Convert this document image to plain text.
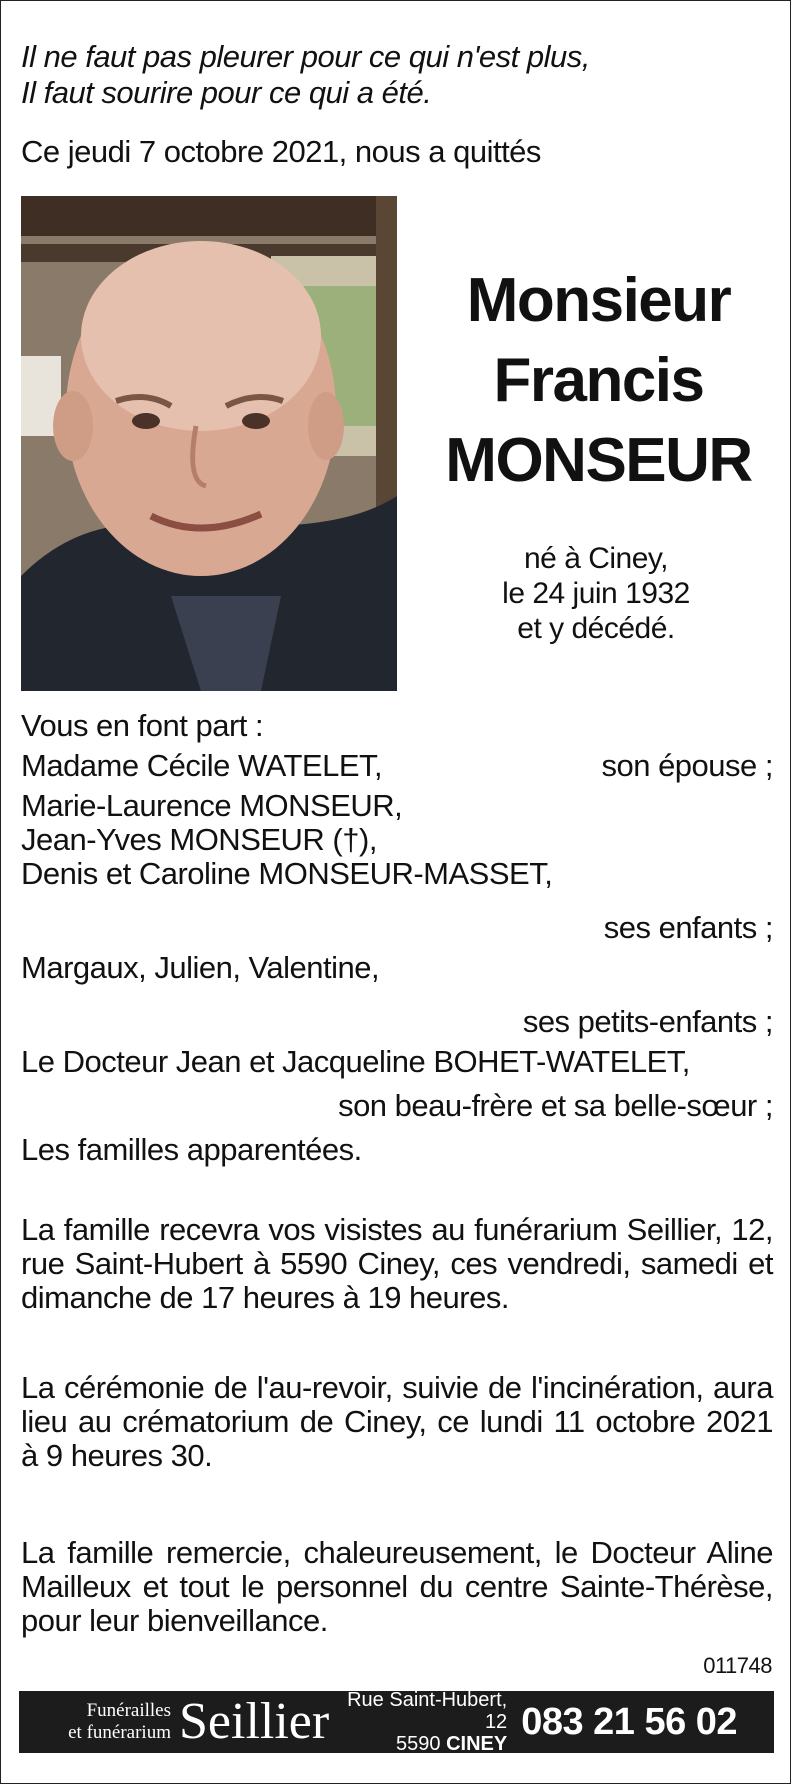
Il ne faut pas pleurer pour ce qui n'est plus,
Il faut sourire pour ce qui a été.
Ce jeudi 7 octobre 2021, nous a quittés
Monsieur
Francis
MONSEUR
né à Ciney,
le 24 juin 1932
et y décédé.
Vous en font part :
Madame Cécile WATELET,	son épouse ;
Marie-Laurence MONSEUR,
Jean-Yves MONSEUR (†),
Denis et Caroline MONSEUR-MASSET,
ses enfants ;
Margaux, Julien, Valentine,
ses petits-enfants ;
Le Docteur Jean et Jacqueline BOHET-WATELET,
son beau-frère et sa belle-sœur ;
Les familles apparentées.
La famille recevra vos visistes au funérarium Seillier, 12, rue Saint-Hubert à 5590 Ciney, ces vendredi, samedi et dimanche de 17 heures à 19 heures.
La cérémonie de l'au-revoir, suivie de l'incinération, aura lieu au crématorium de Ciney, ce lundi 11 octobre 2021 à 9 heures 30.
La famille remercie, chaleureusement, le Docteur Aline Mailleux et tout le personnel du centre Sainte-Thérèse, pour leur bienveillance.
011748
Funérailles
et funérarium Seillier Rue Saint-Hubert, 12
5590 CINEY
083 21 56 02
